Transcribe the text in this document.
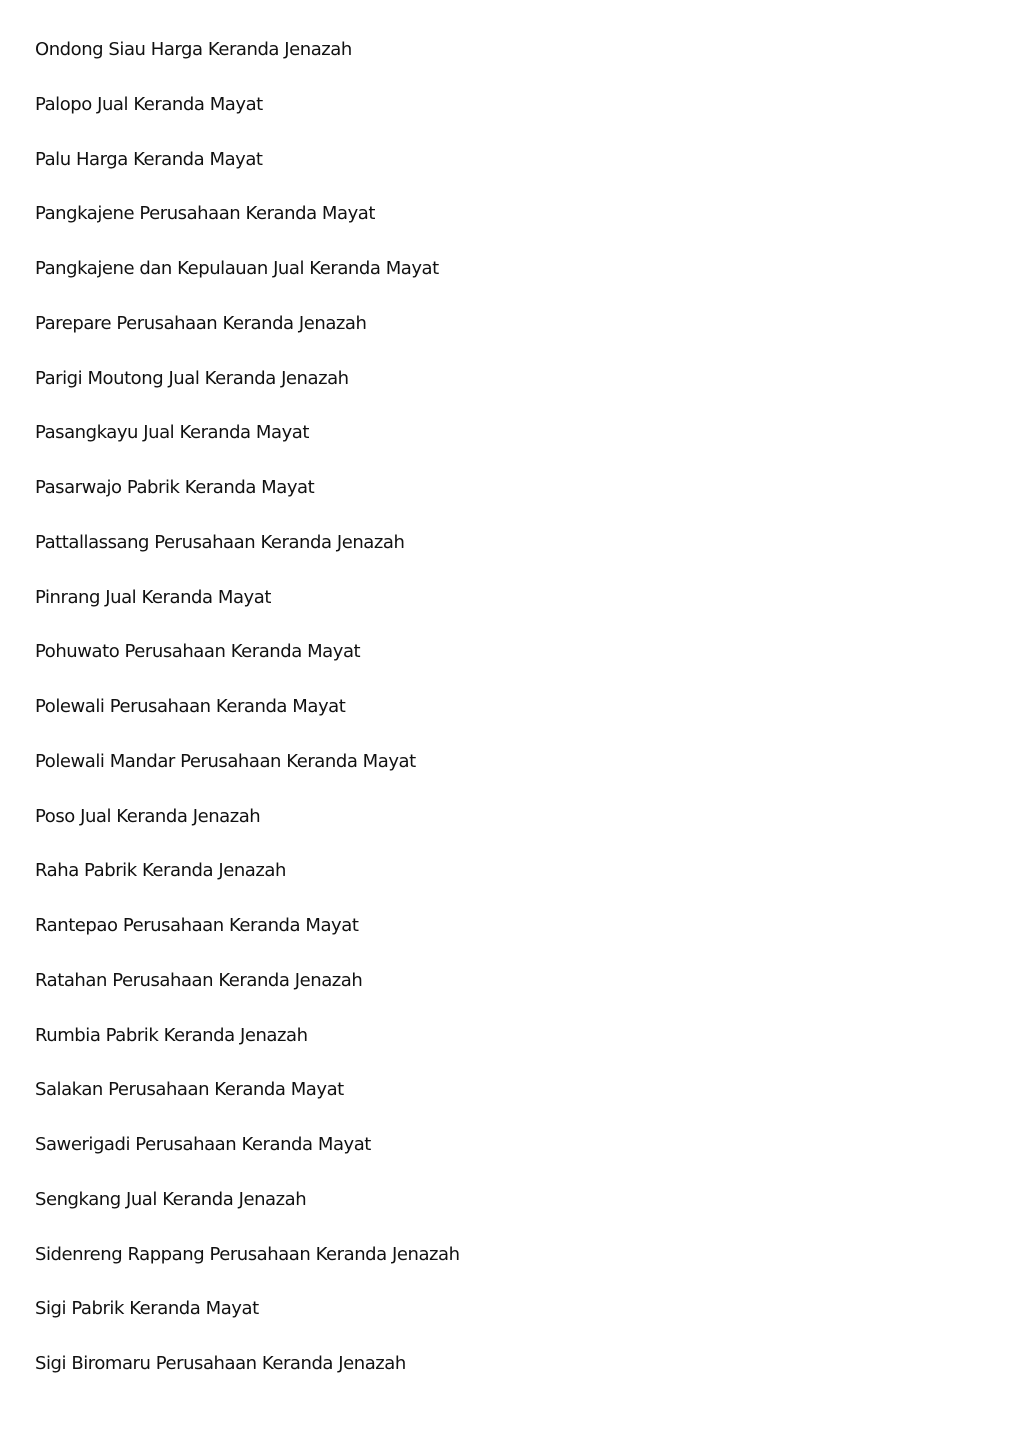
Ondong Siau Harga Keranda Jenazah
Palopo Jual Keranda Mayat
Palu Harga Keranda Mayat
Pangkajene Perusahaan Keranda Mayat
Pangkajene dan Kepulauan Jual Keranda Mayat
Parepare Perusahaan Keranda Jenazah
Parigi Moutong Jual Keranda Jenazah
Pasangkayu Jual Keranda Mayat
Pasarwajo Pabrik Keranda Mayat
Pattallassang Perusahaan Keranda Jenazah
Pinrang Jual Keranda Mayat
Pohuwato Perusahaan Keranda Mayat
Polewali Perusahaan Keranda Mayat
Polewali Mandar Perusahaan Keranda Mayat
Poso Jual Keranda Jenazah
Raha Pabrik Keranda Jenazah
Rantepao Perusahaan Keranda Mayat
Ratahan Perusahaan Keranda Jenazah
Rumbia Pabrik Keranda Jenazah
Salakan Perusahaan Keranda Mayat
Sawerigadi Perusahaan Keranda Mayat
Sengkang Jual Keranda Jenazah
Sidenreng Rappang Perusahaan Keranda Jenazah
Sigi Pabrik Keranda Mayat
Sigi Biromaru Perusahaan Keranda Jenazah
